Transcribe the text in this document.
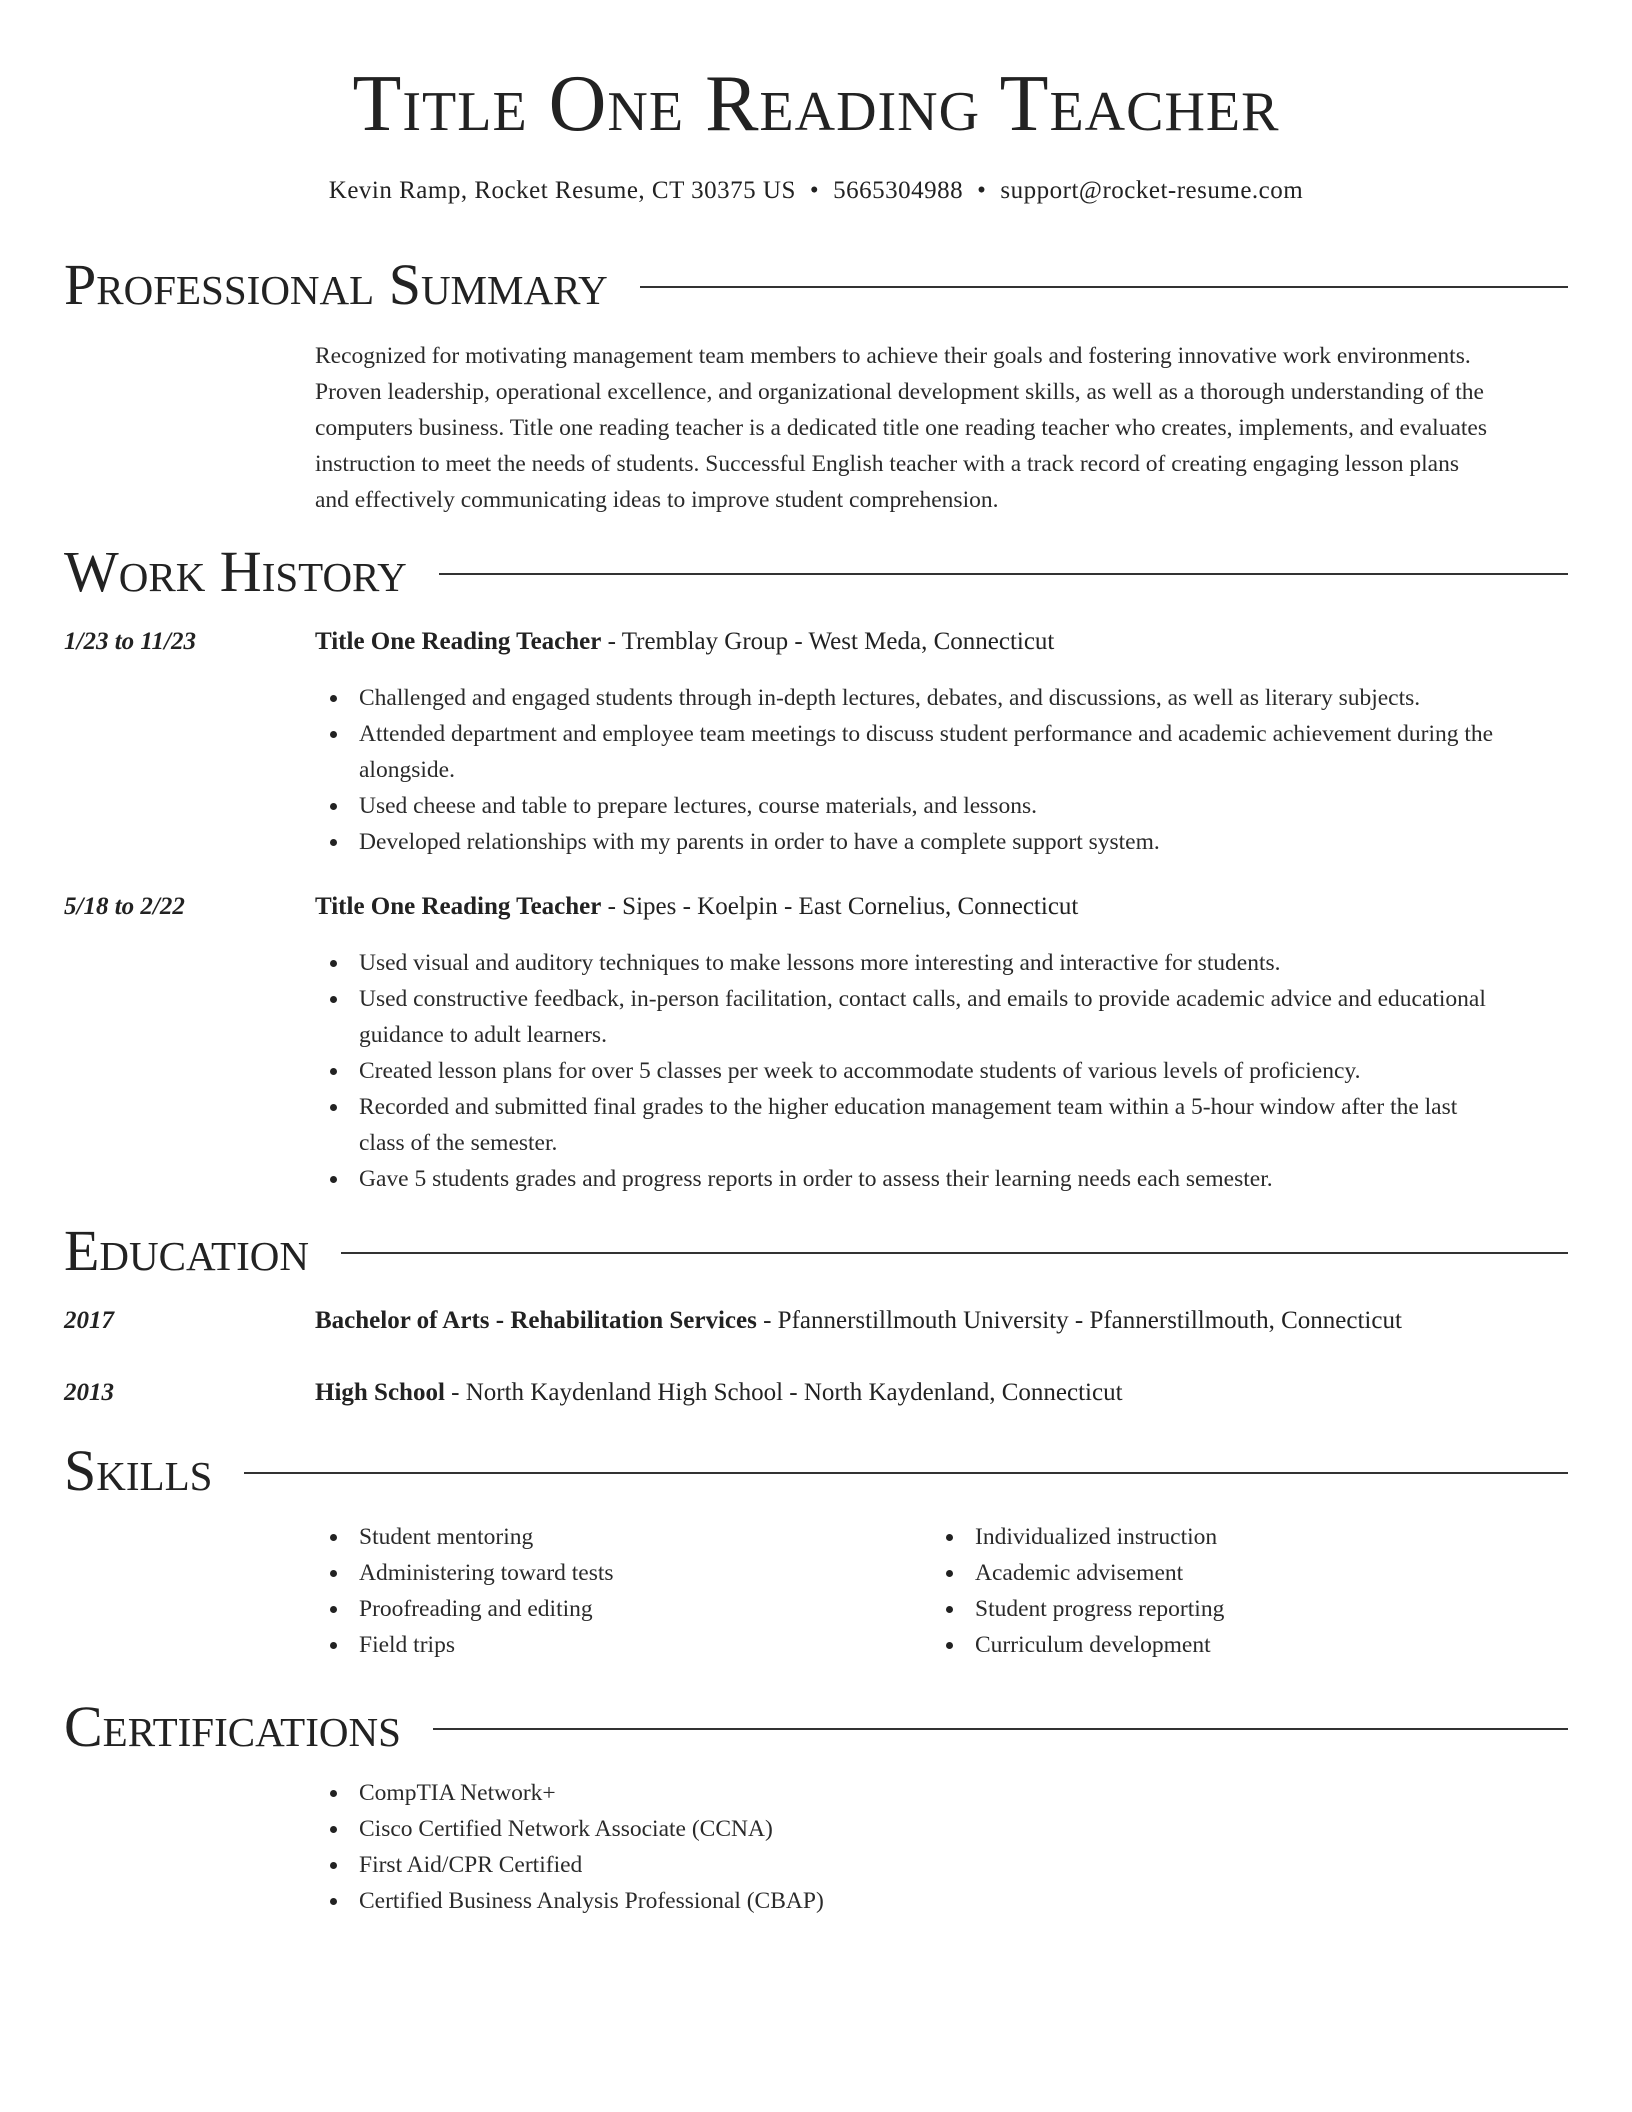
Title One Reading Teacher
Kevin Ramp, Rocket Resume, CT 30375 US • 5665304988 • support@rocket-resume.com
Professional Summary
Recognized for motivating management team members to achieve their goals and fostering innovative work environments.
Proven leadership, operational excellence, and organizational development skills, as well as a thorough understanding of the
computers business. Title one reading teacher is a dedicated title one reading teacher who creates, implements, and evaluates
instruction to meet the needs of students. Successful English teacher with a track record of creating engaging lesson plans
and effectively communicating ideas to improve student comprehension.
Work History
1/23 to 11/23	Title One Reading Teacher - Tremblay Group - West Meda, Connecticut
Challenged and engaged students through in-depth lectures, debates, and discussions, as well as literary subjects.
Attended department and employee team meetings to discuss student performance and academic achievement during the
alongside.
Used cheese and table to prepare lectures, course materials, and lessons.
Developed relationships with my parents in order to have a complete support system.
5/18 to 2/22	Title One Reading Teacher - Sipes - Koelpin - East Cornelius, Connecticut
Used visual and auditory techniques to make lessons more interesting and interactive for students.
Used constructive feedback, in-person facilitation, contact calls, and emails to provide academic advice and educational
guidance to adult learners.
Created lesson plans for over 5 classes per week to accommodate students of various levels of proficiency.
Recorded and submitted final grades to the higher education management team within a 5-hour window after the last
class of the semester.
Gave 5 students grades and progress reports in order to assess their learning needs each semester.
Education
2017	Bachelor of Arts - Rehabilitation Services - Pfannerstillmouth University - Pfannerstillmouth, Connecticut
2013	High School - North Kaydenland High School - North Kaydenland, Connecticut
Skills
Student mentoring
Administering toward tests
Proofreading and editing
Field trips
Individualized instruction
Academic advisement
Student progress reporting
Curriculum development
Certifications
CompTIA Network+
Cisco Certified Network Associate (CCNA)
First Aid/CPR Certified
Certified Business Analysis Professional (CBAP)
